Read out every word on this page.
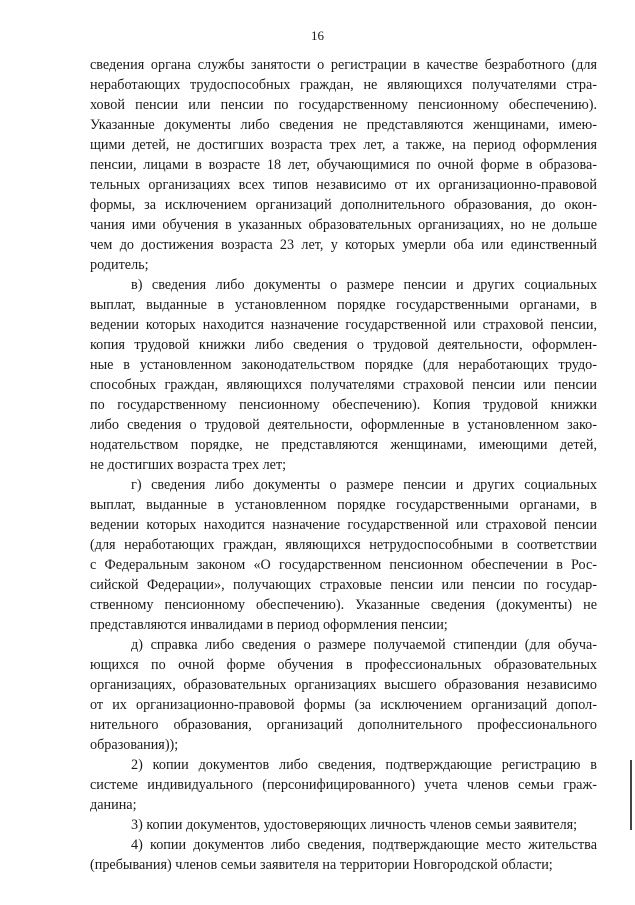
16
сведения органа службы занятости о регистрации в качестве безработного (для
неработающих трудоспособных граждан, не являющихся получателями стра-
ховой пенсии или пенсии по государственному пенсионному обеспечению).
Указанные документы либо сведения не представляются женщинами, имею-
щими детей, не достигших возраста трех лет, а также, на период оформления
пенсии, лицами в возрасте 18 лет, обучающимися по очной форме в образова-
тельных организациях всех типов независимо от их организационно-правовой
формы, за исключением организаций дополнительного образования, до окон-
чания ими обучения в указанных образовательных организациях, но не дольше
чем до достижения возраста 23 лет, у которых умерли оба или единственный
родитель;
в) сведения либо документы о размере пенсии и других социальных
выплат, выданные в установленном порядке государственными органами, в
ведении которых находится назначение государственной или страховой пенсии,
копия трудовой книжки либо сведения о трудовой деятельности, оформлен-
ные в установленном законодательством порядке (для неработающих трудо-
способных граждан, являющихся получателями страховой пенсии или пенсии
по государственному пенсионному обеспечению). Копия трудовой книжки
либо сведения о трудовой деятельности, оформленные в установленном зако-
нодательством порядке, не представляются женщинами, имеющими детей,
не достигших возраста трех лет;
г) сведения либо документы о размере пенсии и других социальных
выплат, выданные в установленном порядке государственными органами, в
ведении которых находится назначение государственной или страховой пенсии
(для неработающих граждан, являющихся нетрудоспособными в соответствии
с Федеральным законом «О государственном пенсионном обеспечении в Рос-
сийской Федерации», получающих страховые пенсии или пенсии по государ-
ственному пенсионному обеспечению). Указанные сведения (документы) не
представляются инвалидами в период оформления пенсии;
д) справка либо сведения о размере получаемой стипендии (для обуча-
ющихся по очной форме обучения в профессиональных образовательных
организациях, образовательных организациях высшего образования независимо
от их организационно-правовой формы (за исключением организаций допол-
нительного образования, организаций дополнительного профессионального
образования));
2) копии документов либо сведения, подтверждающие регистрацию в
системе индивидуального (персонифицированного) учета членов семьи граж-
данина;
3) копии документов, удостоверяющих личность членов семьи заявителя;
4) копии документов либо сведения, подтверждающие место жительства
(пребывания) членов семьи заявителя на территории Новгородской области;
